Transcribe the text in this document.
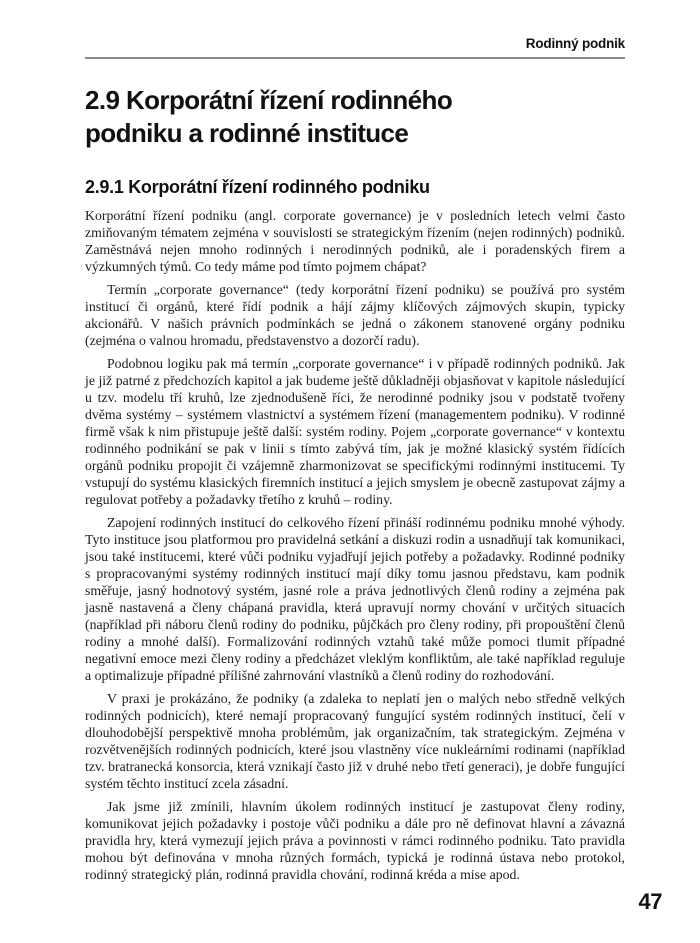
Rodinný podnik
2.9 Korporátní řízení rodinného
podniku a rodinné instituce
2.9.1 Korporátní řízení rodinného podniku

Korporátní řízení podniku (angl. corporate governance) je v posledních letech velmi často zmiňovaným tématem zejména v souvislosti se strategickým řízením (nejen rodinných) podniků. Zaměstnává nejen mnoho rodinných i nerodinných podniků, ale i poradenských firem a výzkumných týmů. Co tedy máme pod tímto pojmem chápat?

Termín „corporate governance“ (tedy korporátní řízení podniku) se používá pro systém institucí či orgánů, které řídí podnik a hájí zájmy klíčových zájmových skupin, typicky akcionářů. V našich právních podmínkách se jedná o zákonem stanovené orgány podniku (zejména o valnou hromadu, představenstvo a dozorčí radu).

Podobnou logiku pak má termín „corporate governance“ i v případě rodinných podniků. Jak je již patrné z předchozích kapitol a jak budeme ještě důkladněji objasňovat v kapitole následující u tzv. modelu tří kruhů, lze zjednodušeně říci, že nerodinné podniky jsou v podstatě tvořeny dvěma systémy – systémem vlastnictví a systémem řízení (managementem podniku). V rodinné firmě však k nim přistupuje ještě další: systém rodiny. Pojem „corporate governance“ v kontextu rodinného podnikání se pak v linii s tímto zabývá tím, jak je možné klasický systém řídících orgánů podniku propojit či vzájemně zharmonizovat se specifickými rodinnými institucemi. Ty vstupují do systému klasických firemních institucí a jejich smyslem je obecně zastupovat zájmy a regulovat potřeby a požadavky třetího z kruhů – rodiny.

Zapojení rodinných institucí do celkového řízení přináší rodinnému podniku mnohé výhody. Tyto instituce jsou platformou pro pravidelná setkání a diskuzi rodin a usnadňují tak komunikaci, jsou také institucemi, které vůči podniku vyjadřují jejich potřeby a požadavky. Rodinné podniky s propracovanými systémy rodinných institucí mají díky tomu jasnou představu, kam podnik směřuje, jasný hodnotový systém, jasné role a práva jednotlivých členů rodiny a zejména pak jasně nastavená a členy chápaná pravidla, která upravují normy chování v určitých situacích (například při náboru členů rodiny do podniku, půjčkách pro členy rodiny, při propouštění členů rodiny a mnohé další). Formalizování rodinných vztahů také může pomoci tlumit případné negativní emoce mezi členy rodiny a předcházet vleklým konfliktům, ale také například reguluje a optimalizuje případné přílišné zahrnování vlastníků a členů rodiny do rozhodování.

V praxi je prokázáno, že podniky (a zdaleka to neplatí jen o malých nebo středně velkých rodinných podnicích), které nemají propracovaný fungující systém rodinných institucí, čelí v dlouhodobější perspektivě mnoha problémům, jak organizačním, tak strategickým. Zejména v rozvětvenějších rodinných podnicích, které jsou vlastněny více nukleárními rodinami (například tzv. bratranecká konsorcia, která vznikají často již v druhé nebo třetí generaci), je dobře fungující systém těchto institucí zcela zásadní.

Jak jsme již zmínili, hlavním úkolem rodinných institucí je zastupovat členy rodiny, komunikovat jejich požadavky i postoje vůči podniku a dále pro ně definovat hlavní a závazná pravidla hry, která vymezují jejich práva a povinnosti v rámci rodinného podniku. Tato pravidla mohou být definována v mnoha různých formách, typická je rodinná ústava nebo protokol, rodinný strategický plán, rodinná pravidla chování, rodinná kréda a mise apod.

47
